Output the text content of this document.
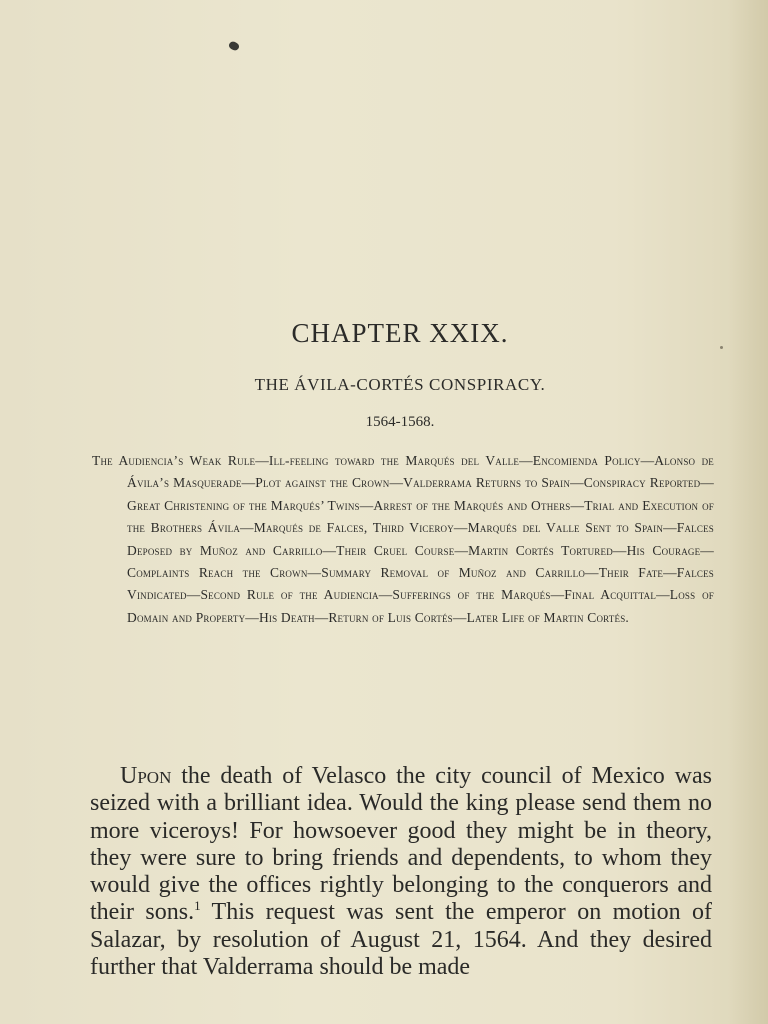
CHAPTER XXIX.
THE ÁVILA-CORTÉS CONSPIRACY.
1564-1568.
The Audiencia’s Weak Rule—Ill-feeling toward the Marqués del Valle—Encomienda Policy—Alonso de Ávila’s Masquerade—Plot against the Crown—Valderrama Returns to Spain—Conspiracy Reported—Great Christening of the Marqués’ Twins—Arrest of the Marqués and Others—Trial and Execution of the Brothers Ávila—Marqués de Falces, Third Viceroy—Marqués del Valle Sent to Spain—Falces Deposed by Muñoz and Carrillo—Their Cruel Course—Martin Cortés Tortured—His Courage—Complaints Reach the Crown—Summary Removal of Muñoz and Carrillo—Their Fate—Falces Vindicated—Second Rule of the Audiencia—Sufferings of the Marqués—Final Acquittal—Loss of Domain and Property—His Death—Return of Luis Cortés—Later Life of Martin Cortés.
Upon the death of Velasco the city council of Mexico was seized with a brilliant idea. Would the king please send them no more viceroys! For howsoever good they might be in theory, they were sure to bring friends and dependents, to whom they would give the offices rightly belonging to the conquerors and their sons.$^1$ This request was sent the emperor on motion of Salazar, by resolution of August 21, 1564. And they desired further that Valderrama should be made
